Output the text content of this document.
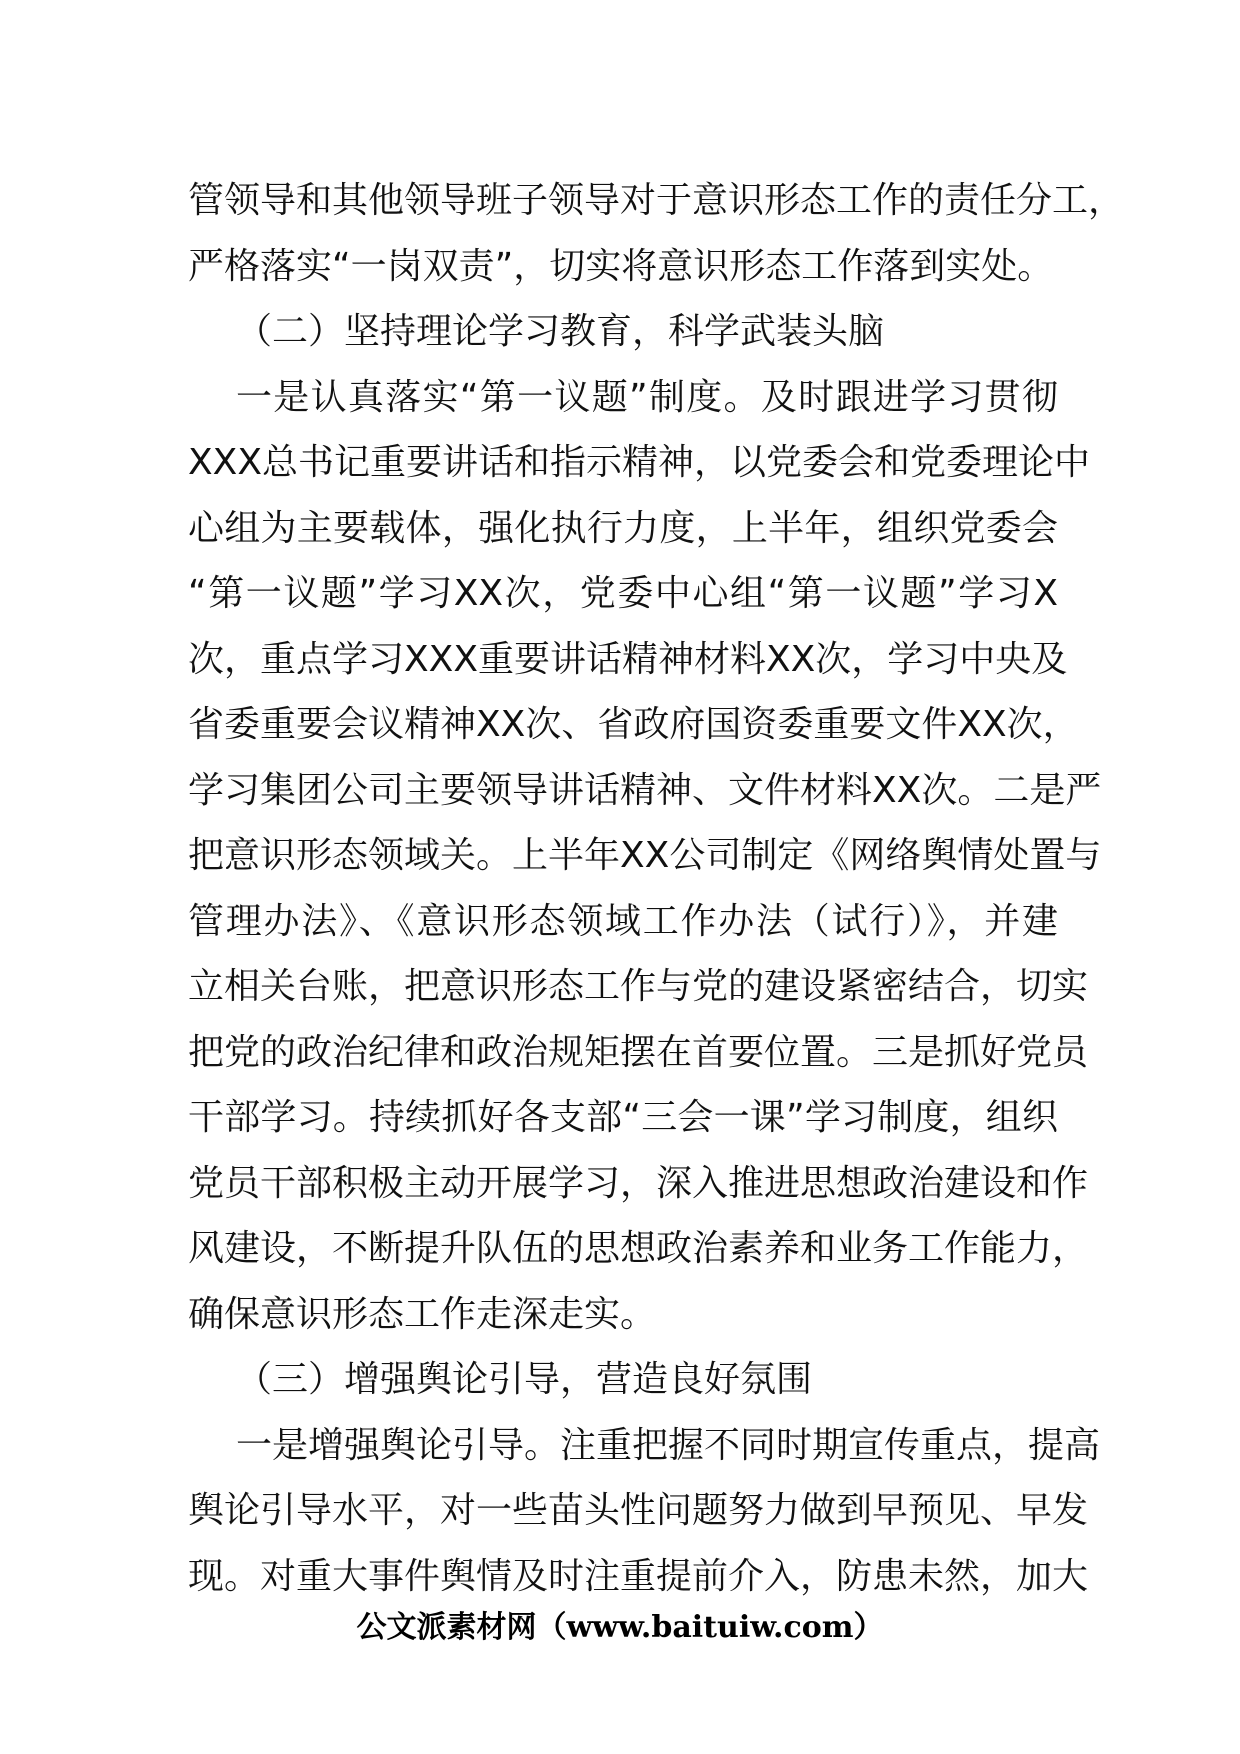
管领导和其他领导班子领导对于意识形态工作的责任分工，
严格落实“一岗双责”，切实将意识形态工作落到实处。
（二）坚持理论学习教育，科学武装头脑
一是认真落实“第一议题”制度。及时跟进学习贯彻
XXX总书记重要讲话和指示精神，以党委会和党委理论中
心组为主要载体，强化执行力度，上半年，组织党委会
“第一议题”学习XX次，党委中心组“第一议题”学习X
次，重点学习XXX重要讲话精神材料XX次，学习中央及
省委重要会议精神XX次、省政府国资委重要文件XX次，
学习集团公司主要领导讲话精神、文件材料XX次。二是严
把意识形态领域关。上半年XX公司制定《网络舆情处置与
管理办法》、《意识形态领域工作办法（试行）》，并建
立相关台账，把意识形态工作与党的建设紧密结合，切实
把党的政治纪律和政治规矩摆在首要位置。三是抓好党员
干部学习。持续抓好各支部“三会一课”学习制度，组织
党员干部积极主动开展学习，深入推进思想政治建设和作
风建设，不断提升队伍的思想政治素养和业务工作能力，
确保意识形态工作走深走实。
（三）增强舆论引导，营造良好氛围
一是增强舆论引导。注重把握不同时期宣传重点，提高
舆论引导水平，对一些苗头性问题努力做到早预见、早发
现。对重大事件舆情及时注重提前介入，防患未然，加大
公文派素材网（www.baituiw.com）
